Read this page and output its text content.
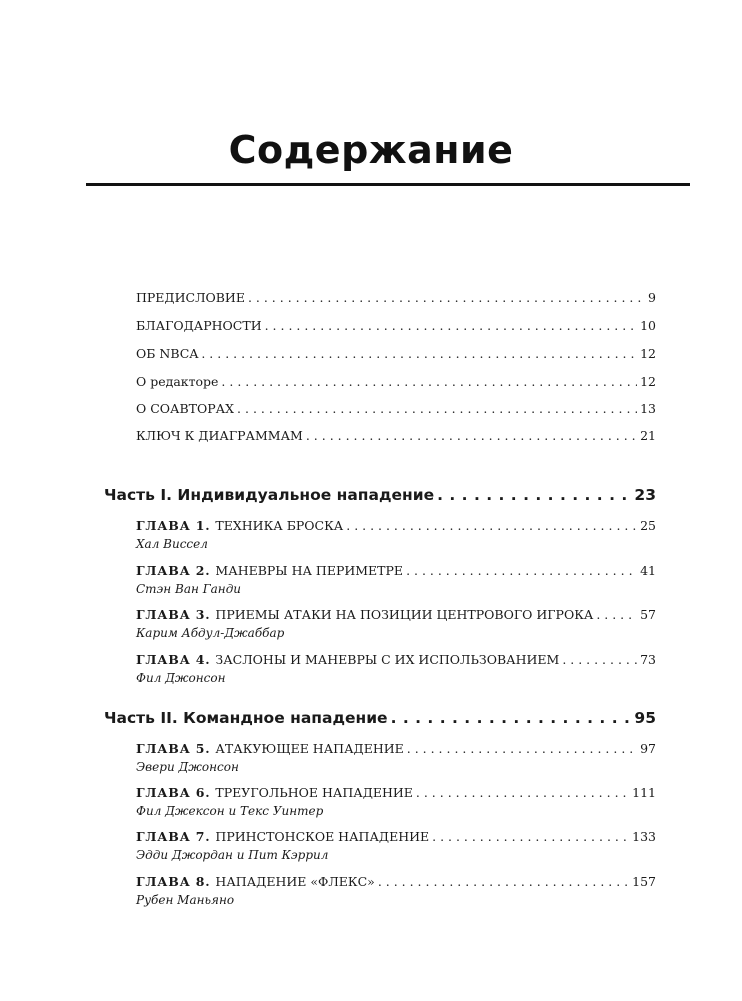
Содержание
ПРЕДИСЛОВИЕ . . .	9
БЛАГОДАРНОСТИ . . .	10
ОБ NBCA . . .	12
О редакторе . . .	12
О СОАВТОРАХ . . .	13
КЛЮЧ К ДИАГРАММАМ . . .	21
Часть I. Индивидуальное нападение . . .	23
ГЛАВА 1. ТЕХНИКА БРОСКА . . .	25
Хал Виссел
ГЛАВА 2. МАНЕВРЫ НА ПЕРИМЕТРЕ . . .	41
Стэн Ван Ганди
ГЛАВА 3. ПРИЕМЫ АТАКИ НА ПОЗИЦИИ ЦЕНТРОВОГО ИГРОКА . . .	57
Карим Абдул-Джаббар
ГЛАВА 4. ЗАСЛОНЫ И МАНЕВРЫ С ИХ ИСПОЛЬЗОВАНИЕМ . . .	73
Фил Джонсон
Часть II. Командное нападение . . .	95
ГЛАВА 5. АТАКУЮЩЕЕ НАПАДЕНИЕ . . .	97
Эвери Джонсон
ГЛАВА 6. ТРЕУГОЛЬНОЕ НАПАДЕНИЕ . . .	111
Фил Джексон и Текс Уинтер
ГЛАВА 7. ПРИНСТОНСКОЕ НАПАДЕНИЕ . . .	133
Эдди Джордан и Пит Кэррил
ГЛАВА 8. НАПАДЕНИЕ «ФЛЕКС» . . .	157
Рубен Маньяно
